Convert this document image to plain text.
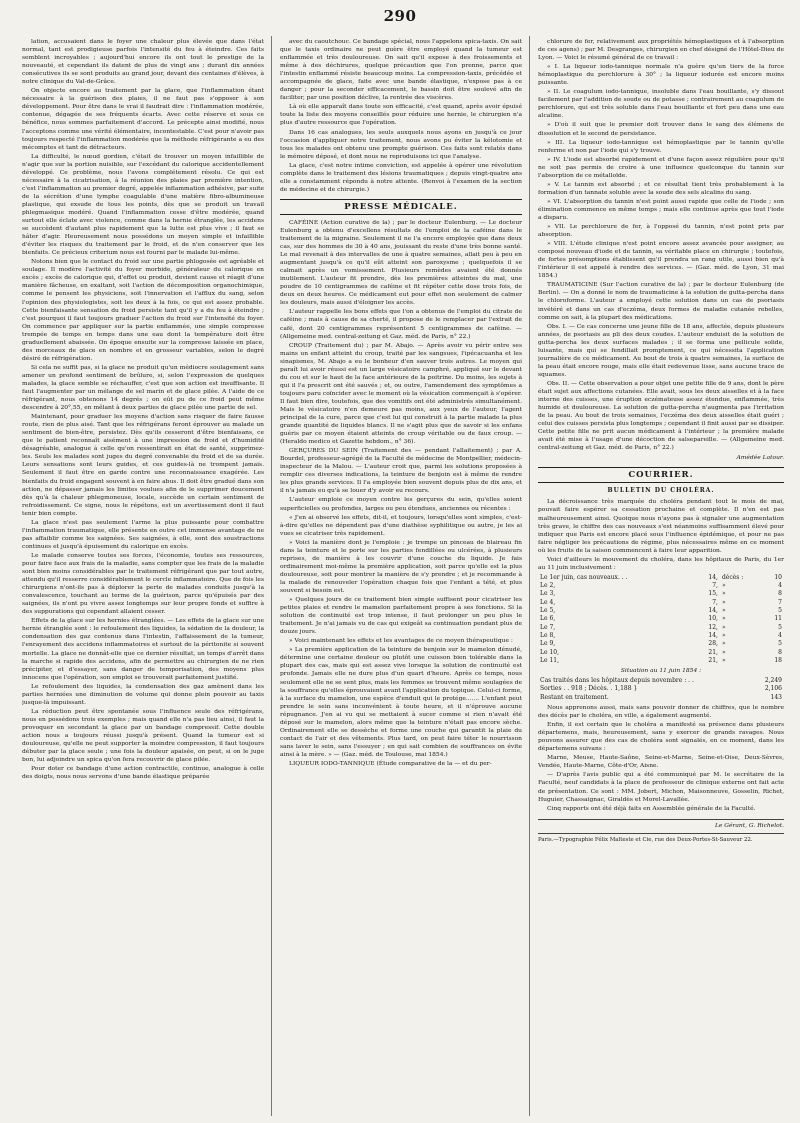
290

lation, accusaient dans le foyer une chaleur plus élevée que dans l'état normal, tant est prodigieuse parfois l'intensité du feu à éteindre. Ces faits semblent incroyables ; aujourd'hui encore ils ont tout le prestige de la nouveauté, et cependant ils datent de plus de vingt ans ; durant dix années consécutives ils se sont produits au grand jour, devant des centaines d'élèves, à notre clinique du Val-de-Grâce.

On objecte encore au traitement par la glace, que l'inflammation étant nécessaire à la guérison des plaies, il ne faut pas s'opposer à son développement. Pour être dans le vrai il faudrait dire : l'inflammation modérée, contenue, dégagée de ses fréquents écarts. Avec cette réserve et sous ce bénéfice, nous sommes parfaitement d'accord. Le précepte ainsi modifié, nous l'acceptons comme une vérité élémentaire, incontestable. C'est pour n'avoir pas toujours respecté l'inflammation modérée que la méthode réfrigérante a eu des mécomptes et tant de détracteurs.

La difficulté, le nœud gordien, c'était de trouver un moyen infaillible de n'agir que sur la portion nuisible, sur l'excédant du calorique accidentellement développé. Ce problème, nous l'avons complétement résolu. Ce qui est nécessaire à la cicatrisation, à la réunion des plaies par première intention, c'est l'inflammation au premier degré, appelée inflammation adhésive, par suite de la sécrétion d'une lymphe coagulable d'une matière fibro-albumineuse plastique, qui exsude de tous les points, dès que se produit un travail phlegmasique modéré. Quand l'inflammation cesse d'être modérée, quand surtout elle éclate avec violence, comme dans la hernie étranglée, les accidens se succèdent d'autant plus rapidement que la lutte est plus vive ; il faut se hâter d'agir. Heureusement nous possédons un moyen simple et infaillible d'éviter les risques du traitement par le froid, et de n'en conserver que les bienfaits. Ce précieux criterium nous est fourni par le malade lui-même.

Notons bien que le contact du froid sur une partie phlogosée est agréable et soulage. Il modère l'activité du foyer morbide, générateur du calorique en excès ; excès de calorique qui, d'effet ou produit, devient cause et réagit d'une manière fâcheuse, en exaltant, soit l'action de décomposition organochimique, comme le pensent les physiciens, soit l'innervation et l'afflux du sang, selon l'opinion des physiologistes, soit les deux à la fois, ce qui est assez probable. Cette bienfaisante sensation du froid persiste tant qu'il y a du feu à éteindre ; c'est pourquoi il faut toujours graduer l'action du froid sur l'intensité du foyer. On commence par appliquer sur la partie enflammée, une simple compresse trempée de temps en temps dans une eau dont la température doit être graduellement abaissée. On époque ensuite sur la compresse laissée en place, des morceaux de glace en nombre et en grosseur variables, selon le degré désiré de réfrigération.

Si cela ne suffit pas, si la glace ne produit qu'un médiocre soulagement sans amener un profond sentiment de brûlure, si, selon l'expression de quelques malades, la glace semble se réchauffer, c'est que son action est insuffisante. Il faut l'augmenter par un mélange de sel marin et de glace pilée. A l'aide de ce réfrigérant, nous obtenons 14 degrés ; on eût pu de ce froid peut même descendre à 20°,55, en mêlant à deux parties de glace pilée une partie de sel.

Maintenant, pour graduer les moyens d'action sans risquer de faire fausse route, rien de plus aisé. Tant que les réfrigérans feront éprouver au malade un sentiment de bien-être, persistez. Dès qu'ils cesseront d'être bienfaisans, ce que le patient reconnaît aisément à une impression de froid et d'humidité désagréable, analogue à celle qu'on ressentirait en état de santé, supprimez-les. Seuls les malades sont juges du degré convenable du froid et de sa durée. Leurs sensations sont leurs guides, et ces guides-là ne trompent jamais. Seulement il faut être en garde contre une reconnaissance exagérée. Les bienfaits du froid engagent souvent à en faire abus. Il doit être gradué dans son action, ne dépasser jamais les limites voulues afin de le supprimer doucement dès qu'à la chaleur phlegmoneuse, locale, succède un certain sentiment de refroidissement. Ce signe, nous le répétons, est un avertissement dont il faut tenir bien compte.

La glace n'est pas seulement l'arme la plus puissante pour combattre l'inflammation traumatique, elle présente en outre cet immense avantage de ne pas affaiblir comme les saignées. Ses saignées, à elle, sont des soustractions continues et jusqu'à épuisement du calorique en excès.

Le malade conserve toutes ses forces, l'économie, toutes ses ressources, pour faire face aux frais de la maladie, sans compter que les frais de la maladie sont bien moins considérables par le traitement réfrigérant que par tout autre, attendu qu'il resserre considérablement le cercle inflammatoire. Que de fois les chirurgiens n'ont-ils pas à déplorer la perte de malades conduits jusqu'à la convalescence, touchant au terme de la guérison, parce qu'épuisés par des saignées, ils n'ont pu vivre assez longtemps sur leur propre fonds et suffire à des suppurations qui cependant allaient cesser.

Effets de la glace sur les hernies étranglées. — Les effets de la glace sur une hernie étranglée sont : le refoulement des liquides, la sédation de la douleur, la condensation des gaz contenus dans l'intestin, l'affaissement de la tumeur, l'enrayement des accidens inflammatoires et surtout de la péritonite si souvent mortelle. La glace ne donnât-elle que ce dernier résultat, un temps d'arrêt dans la marche si rapide des accidens, afin de permettre au chirurgien de ne rien précipiter, et d'essayer, sans danger de temporisation, des moyens plus innocens que l'opération, son emploi se trouverait parfaitement justifié.

Le refoulement des liquides, la condensation des gaz amènent dans les parties herniées une diminution de volume qui donne plein pouvoir au taxis jusque-là impuissant.

La réduction peut être spontanée sous l'influence seule des réfrigérans, nous en possédons trois exemples ; mais quand elle n'a pas lieu ainsi, il faut la provoquer en secondant la glace par un bandage compressif. Cette double action nous a toujours réussi jusqu'à présent. Quand la tumeur est si douloureuse, qu'elle ne peut supporter la moindre compression, il faut toujours débuter par la glace seule ; une fois la douleur apaisée, on peut, si on le juge bon, lui adjoindre un spica qu'on fera recouvrir de glace pilée.

Pour doter ce bandage d'une action contractile, continue, analogue à celle des doigts, nous nous servons d'une bande élastique préparée

avec du caoutchouc. Ce bandage spécial, nous l'appelons spica-taxis. On sait que le taxis ordinaire ne peut guère être employé quand la tumeur est enflammée et très douloureuse. On sait qu'il expose à des froissements et même à des déchirures, quelque précaution que l'on prenne, parce que l'intestin enflammé résiste beaucoup moins. La compression-taxis, précédée et accompagnée de glace, faite avec une bande élastique, n'expose pas à ce danger ; pour la seconder efficacement, le bassin doit être soulevé afin de faciliter, par une position déclive, la rentrée des viscères.

Là où elle apparaît dans toute son efficacité, c'est quand, après avoir épuisé toute la liste des moyens conseillés pour réduire une hernie, le chirurgien n'a plus d'autre ressource que l'opération.

Dans 16 cas analogues, les seuls auxquels nous ayons en jusqu'à ce jour l'occasion d'appliquer notre traitement, nous avons pu éviter la kélotomie et tous les malades ont obtenu une prompte guérison. Ces faits sont relatés dans le mémoire déposé, et dont nous ne reproduisons ici que l'analyse.

La glace, c'est notre intime conviction, est appelée à opérer une révolution complète dans le traitement des lésions traumatiques ; depuis vingt-quatre ans elle a constamment répondu à notre attente. (Renvoi à l'examen de la section de médecine et de chirurgie.)

PRESSE MÉDICALE.

CAFÉINE (Action curative de la) ; par le docteur Eulenburg. — Le docteur Eulenburg a obtenu d'excellens résultats de l'emploi de la caféine dans le traitement de la migraine. Seulement il ne l'a encore employée que dans deux cas, sur des hommes de 30 à 40 ans, jouissant du reste d'une très bonne santé. Le mal revenait à des intervalles de une à quatre semaines, allait peu à peu en augmentant jusqu'à ce qu'il eût atteint son paroxysme ; quelquefois il se calmait après un vomissement. Plusieurs remèdes avaient été donnés inutilement. L'auteur fit prendre, dès les premières atteintes du mal, une poudre de 10 centigrammes de caféine et fit répéter cette dose trois fois, de deux en deux heures. Ce médicament eut pour effet non seulement de calmer les douleurs, mais aussi d'éloigner les accès.

L'auteur rappelle les bons effets que l'on a obtenus de l'emploi du citrate de caféine ; mais à cause de sa cherté, il propose de le remplacer par l'extrait de café, dont 20 centigrammes représentent 5 centigrammes de caféine. — (Allgemeine med. central-zeitung et Gaz. méd. de Paris, n° 22.)

CROUP (Traitement du) ; par M. Abajo. — Après avoir vu périr entre ses mains un enfant atteint du croup, traité par les sangsues, l'ipécacuanha et les sinapismes, M. Abajo a eu le bonheur d'en sauver trois autres. Le moyen qui paraît lui avoir réussi est un large vésicatoire camphré, appliqué sur le devant du cou et sur le haut de la face antérieure de la poitrine. Du moins, les sujets à qui il l'a prescrit ont été sauvés ; et, ou outre, l'amendement des symptômes a toujours paru coïncider avec le moment où la vésication commençait à s'opérer. Il faut bien dire, toutefois, que des vomitifs ont été administrés simultanément. Mais le vésicatoire n'en demeure pas moins, aux yeux de l'auteur, l'agent principal de la cure, parce que c'est lui qui construit à la partie malade la plus grande quantité de liquides blancs. Il ne s'agit plus que de savoir si les enfans guéris par ce moyen étaient atteints de croup véritable ou de faux croup. — (Heraldo medico et Gazette hebdom., n° 36).

GERÇURES DU SEIN (Traitement des — pendant l'allaitement) ; par A. Bourdel, professeur-agrégé de la Faculté de médecine de Montpellier, médecin-inspecteur de la Malou. — L'auteur croit que, parmi les solutions proposées à remplir ces diverses indications, la teinture de benjoin est à même de rendre les plus grands services. Il l'a employée bien souvent depuis plus de dix ans, et il n'a jamais eu qu'à se louer d'y avoir eu recours.

L'auteur emploie ce moyen contre les gerçures du sein, qu'elles soient superficielles ou profondes, larges ou peu étendues, anciennes ou récentes :

« J'en ai observé les effets, dit-il, et toujours, lorsqu'elles sont simples, c'est-à-dire qu'elles ne dépendent pas d'une diathèse syphilitique ou autre, je les ai vues se cicatriser très rapidement.

» Voici la manière dont je l'emploie : je trempe un pinceau de blaireau fin dans la teinture et le porte sur les parties fendillées ou ulcérées, à plusieurs reprises, de manière à les couvrir d'une couche du liquide. Je fais ordinairement moi-même la première application, soit parce qu'elle est la plus douloureuse, soit pour montrer la manière de s'y prendre ; et je recommande à la malade de renouveler l'opération chaque fois que l'enfant a tété, et plus souvent si besoin est.

» Quelques jours de ce traitement bien simple suffisent pour cicatriser les petites plaies et rendre le mamelon parfaitement propre à ses fonctions. Si la solution de continuité est trop intense, il faut prolonger un peu plus le traitement. Je n'ai jamais vu de cas qui exigeât sa continuation pendant plus de douze jours.

» Voici maintenant les effets et les avantages de ce moyen thérapeutique :

» La première application de la teinture de benjoin sur le mamelon dénudé, détermine une certaine douleur ou plutôt une cuisson bien tolérable dans la plupart des cas, mais qui est assez vive lorsque la solution de continuité est profonde. Jamais elle ne dure plus d'un quart d'heure. Après ce temps, nous seulement elle ne se sent plus, mais les femmes se trouvent même soulagées de la souffrance qu'elles éprouvaient avant l'application du topique. Celui-ci forme, à la surface du mamelon, une espèce d'enduit qui le protége....... L'enfant peut prendre le sein sans inconvénient à toute heure, et il n'éprouve aucune répugnance. J'en ai vu qui se mettaient à sucer comme si rien n'avait été déposé sur le mamelon, alors même que la teinture n'était pas encore sèche. Ordinairement elle se dessèche et forme une couche qui garantit la plaie du contact de l'air et des vêtements. Plus tard, on peut faire téter le nourrisson sans laver le sein, sans l'essuyer ; en qui sait combien de souffrances on évite ainsi à la mère. » — (Gaz. méd. de Toulouse, mai 1854.)

LIQUEUR IODO-TANNIQUE (Étude comparative de la — et du per-

chlorure de fer, relativement aux propriétés hémoplastiques et à l'absorption de ces agens) ; par M. Desgranges, chirurgien en chef désigné de l'Hôtel-Dieu de Lyon. — Voici le résumé général de ce travail :

« I. La liqueur iodo-tannique normale n'a guère qu'un tiers de la force hémoplastique du perchlorure à 30° ; la liqueur iodurée est encore moins puissante.

» II. Le coagulum iodo-tannique, insoluble dans l'eau bouillante, s'y dissout facilement par l'addition de soude ou de potasse ; contrairement au coagulum de perchlorure, qui est très soluble dans l'eau bouillante et fort peu dans une eau alcaline.

» D'où il suit que le premier doit trouver dans le sang des élémens de dissolution et le second de persistance.

» III. La liqueur iodo-tannique est hémoplastique par le tannin qu'elle renferme et non par l'iode qui s'y trouve.

» IV. L'iode est absorbé rapidement et d'une façon assez régulière pour qu'il ne soit pas permis de croire à une influence quelconque du tannin sur l'absorption de ce métalloïde.

» V. Le tannin est absorbé ; et ce résultat tient très probablement à la formation d'un tannate soluble avec la soude des sels alcalins du sang.

» VI. L'absorption du tannin n'est point aussi rapide que celle de l'iode ; son élimination commence en même temps ; mais elle continue après que tout l'iode a disparu.

» VII. Le perchlorure de fer, à l'opposé du tannin, n'est point pris par absorption.

» VIII. L'étude clinique n'est point encore assez avancée pour assigner, au composé nouveau d'iode et de tannin, sa véritable place en chirurgie ; toutefois, de fortes présomptions établissent qu'il prendra un rang utile, aussi bien qu'à l'intérieur il est appelé à rendre des services. — (Gaz. méd. de Lyon, 31 mai 1854.)

TRAUMATICINE (Sur l'action curative de la) ; par le docteur Eulenburg (de Berlin). — On a donné le nom de traumaticine à la solution de gutta-percha dans le chloroforme. L'auteur a employé cette solution dans un cas de psoriasis invétéré et dans un cas d'eczéma, deux formes de maladie cutanée rebelles, comme on sait, à la plupart des médications.

Obs. I. — Ce cas concerne une jeune fille de 18 ans, affectée, depuis plusieurs années, de psoriasis au pli des deux coudes. L'auteur enduisit de la solution de gutta-percha les deux surfaces malades ; il se forma une pellicule solide, luisante, mais qui se fendillait promptement, ce qui nécessita l'application journalière de ce médicament. Au bout de trois à quatre semaines, la surface de la peau était encore rouge, mais elle était redevenue lisse, sans aucune trace de squames.

Obs. II. — Cette observation a pour objet une petite fille de 9 ans, dont le père était sujet aux affections cutanées. Elle avait, sous les deux aisselles et à la face interne des cuisses, une éruption eczémateuse assez étendue, enflammée, très humide et douloureuse. La solution de gutta-percha n'augmenta pas l'irritation de la peau. Au bout de trois semaines, l'eczéma des deux aisselles était guéri ; celui des cuisses persista plus longtemps ; cependant il finit aussi par se dissiper. Cette petite fille ne prit aucun médicament à l'intérieur ; la première malade avait été mise à l'usage d'une décoction de salsepareille. — (Allgemeine med. central-zeitung et Gaz. méd. de Paris, n° 22.)

Amédée Latour.
COURRIER.
BULLETIN DU CHOLÉRA.

La décroissance très marquée du choléra pendant tout le mois de mai, pouvait faire espérer sa cessation prochaine et complète. Il n'en est pas malheureusement ainsi. Quoique nous n'ayons pas à signaler une augmentation très grave, le chiffre des cas nouveaux s'est néanmoins suffisamment élevé pour indiquer que Paris est encore placé sous l'influence épidémique, et pour ne pas faire négliger les précautions de régime, plus nécessaires même en ce moment où les fruits de la saison commencent à faire leur apparition.

Voici d'ailleurs le mouvement du choléra, dans les hôpitaux de Paris, du 1er au 11 juin inclusivement :

Le 1er juin, cas nouveaux. . .	14,	décès :	10
Le 2,	7,	»	4
Le 3,	15,	»	8
Le 4,	7,	»	7
Le 5,	14,	»	5
Le 6,	10,	»	11
Le 7,	12,	»	5
Le 8,	14,	»	4
Le 9,	28,	»	5
Le 10,	21,	»	8
Le 11,	21,	»	18
Situation au 11 juin 1854 :
Cas traités dans les hôpitaux depuis novembre : . .	2,249
Sorties . . 918 ; Décès. . 1,188 }	2,106
Restant en traitement.	143

Nous apprenons aussi, mais sans pouvoir donner de chiffres, que le nombre des décès par le choléra, en ville, a également augmenté.

Enfin, il est certain que le choléra a manifesté sa présence dans plusieurs départemens, mais, heureusement, sans y exercer de grands ravages. Nous pouvons assurer que des cas de choléra sont signalés, en ce moment, dans les départemens suivans :

Marne, Meuse, Haute-Saône, Seine-et-Marne, Seine-et-Oise, Deux-Sèvres, Vendée, Haute-Marne, Côte-d'Or, Aisne.

— D'après l'avis public qui a été communiqué par M. le secrétaire de la Faculté, neuf candidats à la place de professeur de clinique externe ont fait acte de présentation. Ce sont : MM. Jobert, Michon, Maisonneuve, Gosselin, Richet, Huguier, Chassaignac, Giraldès et Morel-Lavallée.

Cinq rapports ont été déjà faits en Assemblée générale de la Faculté.

Le Gérant, G. Richelot.
Paris.—Typographie Félix Malteste et Cie, rue des Deux-Portes-St-Sauveur 22.
